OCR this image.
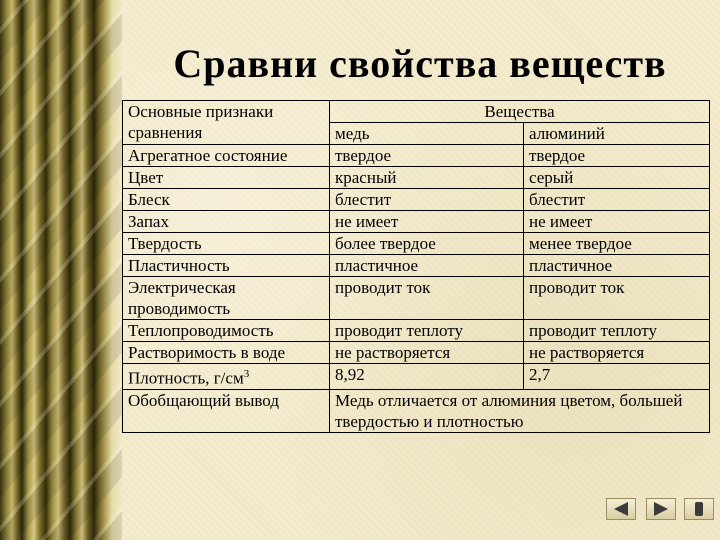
Сравни свойства веществ
Основные признаки сравнения	Вещества	
	медь	алюминий
Агрегатное состояние	твердое	твердое
Цвет	красный	серый
Блеск	блестит	блестит
Запах	не имеет	не имеет
Твердость	более твердое	менее твердое
Пластичность	пластичное	пластичное
Электрическая проводимость	проводит ток	проводит ток
Теплопроводимость	проводит теплоту	проводит теплоту
Растворимость в воде	не растворяется	не растворяется
Плотность, $г/см^3$	8,92	2,7
Обобщающий вывод	Медь отличается от алюминия цветом, большей твердостью и плотностью	
